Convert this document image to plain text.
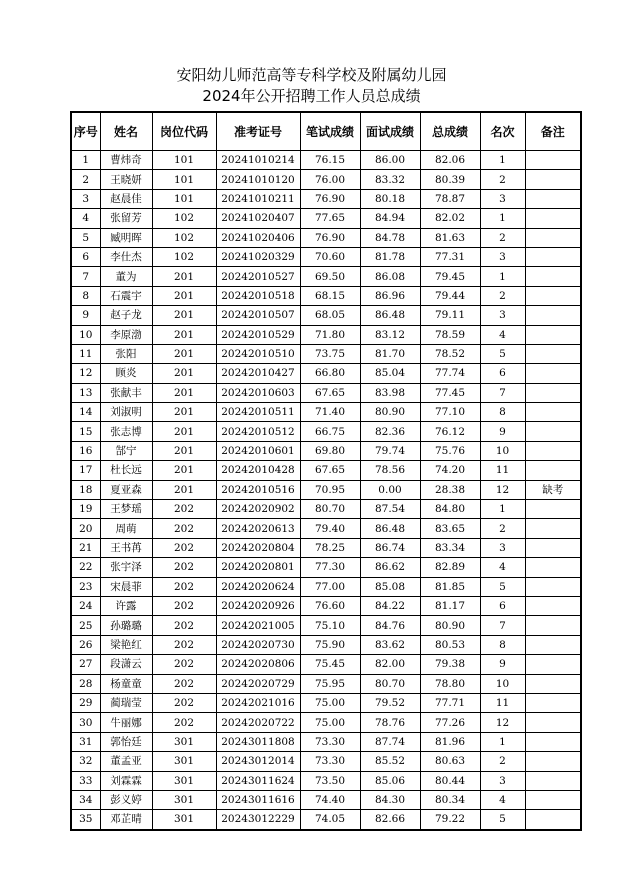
安阳幼儿师范高等专科学校及附属幼儿园
2024年公开招聘工作人员总成绩
序号	姓名	岗位代码	准考证号	笔试成绩	面试成绩	总成绩	名次	备注
1	曹炜奇	101	20241010214	76.15	86.00	82.06	1	
2	王晓妍	101	20241010120	76.00	83.32	80.39	2	
3	赵晨佳	101	20241010211	76.90	80.18	78.87	3	
4	张留芳	102	20241020407	77.65	84.94	82.02	1	
5	臧明晖	102	20241020406	76.90	84.78	81.63	2	
6	李仕杰	102	20241020329	70.60	81.78	77.31	3	
7	董为	201	20242010527	69.50	86.08	79.45	1	
8	石震宇	201	20242010518	68.15	86.96	79.44	2	
9	赵子龙	201	20242010507	68.05	86.48	79.11	3	
10	李原渤	201	20242010529	71.80	83.12	78.59	4	
11	张阳	201	20242010510	73.75	81.70	78.52	5	
12	顾炎	201	20242010427	66.80	85.04	77.74	6	
13	张献丰	201	20242010603	67.65	83.98	77.45	7	
14	刘淑明	201	20242010511	71.40	80.90	77.10	8	
15	张志博	201	20242010512	66.75	82.36	76.12	9	
16	郜宁	201	20242010601	69.80	79.74	75.76	10	
17	杜长远	201	20242010428	67.65	78.56	74.20	11	
18	夏亚森	201	20242010516	70.95	0.00	28.38	12	缺考
19	王梦瑶	202	20242020902	80.70	87.54	84.80	1	
20	周萌	202	20242020613	79.40	86.48	83.65	2	
21	王书苒	202	20242020804	78.25	86.74	83.34	3	
22	张宇泽	202	20242020801	77.30	86.62	82.89	4	
23	宋晨菲	202	20242020624	77.00	85.08	81.85	5	
24	许露	202	20242020926	76.60	84.22	81.17	6	
25	孙璐璐	202	20242021005	75.10	84.76	80.90	7	
26	梁艳红	202	20242020730	75.90	83.62	80.53	8	
27	段潇云	202	20242020806	75.45	82.00	79.38	9	
28	杨童童	202	20242020729	75.95	80.70	78.80	10	
29	蔺瑞莹	202	20242021016	75.00	79.52	77.71	11	
30	牛丽娜	202	20242020722	75.00	78.76	77.26	12	
31	郭怡廷	301	20243011808	73.30	87.74	81.96	1	
32	董孟亚	301	20243012014	73.30	85.52	80.63	2	
33	刘霖霖	301	20243011624	73.50	85.06	80.44	3	
34	彭义婷	301	20243011616	74.40	84.30	80.34	4	
35	邓芷晴	301	20243012229	74.05	82.66	79.22	5	
